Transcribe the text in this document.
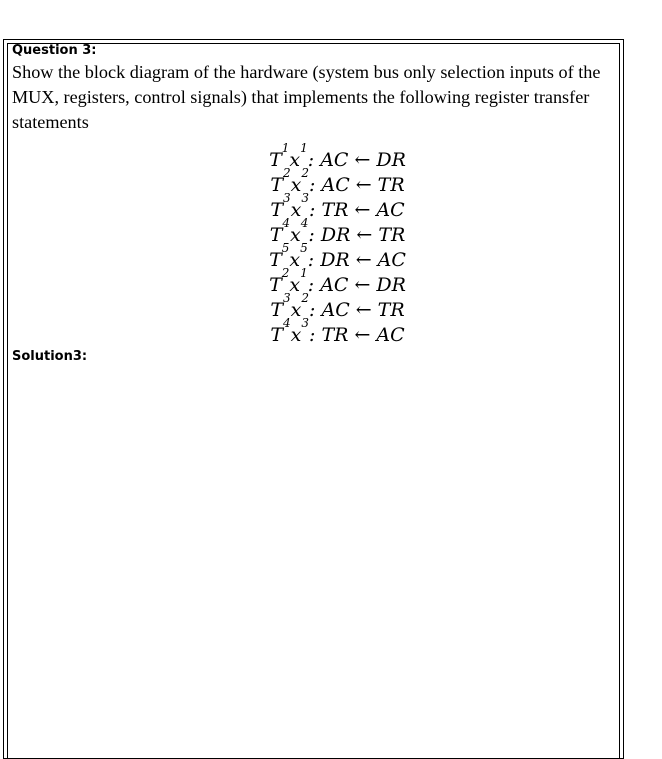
Question 3:

Show the block diagram of the hardware (system bus only selection inputs of the

MUX, registers, control signals) that implements the following register transfer

statements

T
1
x
1
: AC ← DR
T
2
x
2
: AC ← TR
T
3
x
3
: TR ← AC
T
4
x
4
: DR ← TR
T
5
x
5
: DR ← AC
T
2
x
1
: AC ← DR
T
3
x
2
: AC ← TR
T
4
x
3
: TR ← AC
Solution3:
